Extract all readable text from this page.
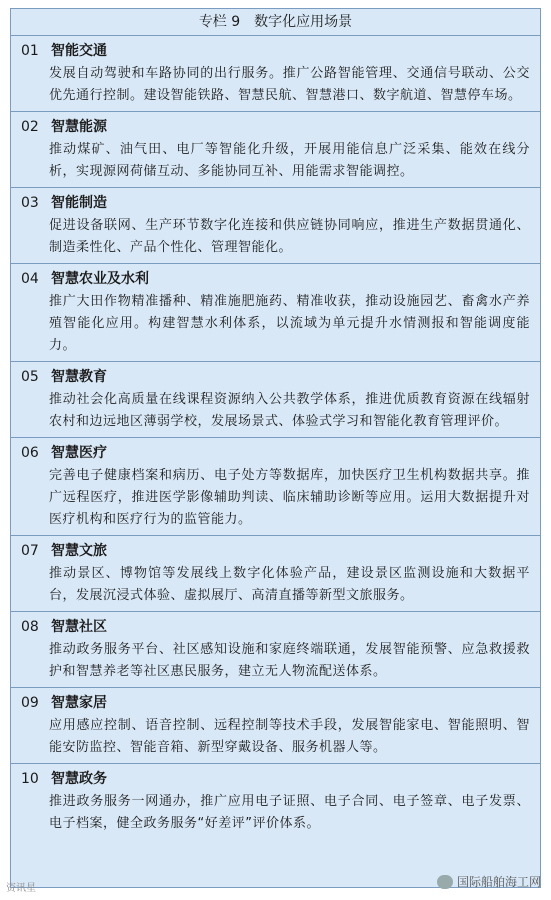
专栏 9　数字化应用场景
01 智能交通
发展自动驾驶和车路协同的出行服务。推广公路智能管理、交通信号联动、公交优先通行控制。建设智能铁路、智慧民航、智慧港口、数字航道、智慧停车场。
02 智慧能源
推动煤矿、油气田、电厂等智能化升级，开展用能信息广泛采集、能效在线分析，实现源网荷储互动、多能协同互补、用能需求智能调控。
03 智能制造
促进设备联网、生产环节数字化连接和供应链协同响应，推进生产数据贯通化、制造柔性化、产品个性化、管理智能化。
04 智慧农业及水利
推广大田作物精准播种、精准施肥施药、精准收获，推动设施园艺、畜禽水产养殖智能化应用。构建智慧水利体系，以流域为单元提升水情测报和智能调度能力。
05 智慧教育
推动社会化高质量在线课程资源纳入公共教学体系，推进优质教育资源在线辐射农村和边远地区薄弱学校，发展场景式、体验式学习和智能化教育管理评价。
06 智慧医疗
完善电子健康档案和病历、电子处方等数据库，加快医疗卫生机构数据共享。推广远程医疗，推进医学影像辅助判读、临床辅助诊断等应用。运用大数据提升对医疗机构和医疗行为的监管能力。
07 智慧文旅
推动景区、博物馆等发展线上数字化体验产品，建设景区监测设施和大数据平台，发展沉浸式体验、虚拟展厅、高清直播等新型文旅服务。
08 智慧社区
推动政务服务平台、社区感知设施和家庭终端联通，发展智能预警、应急救援救护和智慧养老等社区惠民服务，建立无人物流配送体系。
09 智慧家居
应用感应控制、语音控制、远程控制等技术手段，发展智能家电、智能照明、智能安防监控、智能音箱、新型穿戴设备、服务机器人等。
10 智慧政务
推进政务服务一网通办，推广应用电子证照、电子合同、电子签章、电子发票、电子档案，健全政务服务“好差评”评价体系。
资讯星	国际船舶海工网
